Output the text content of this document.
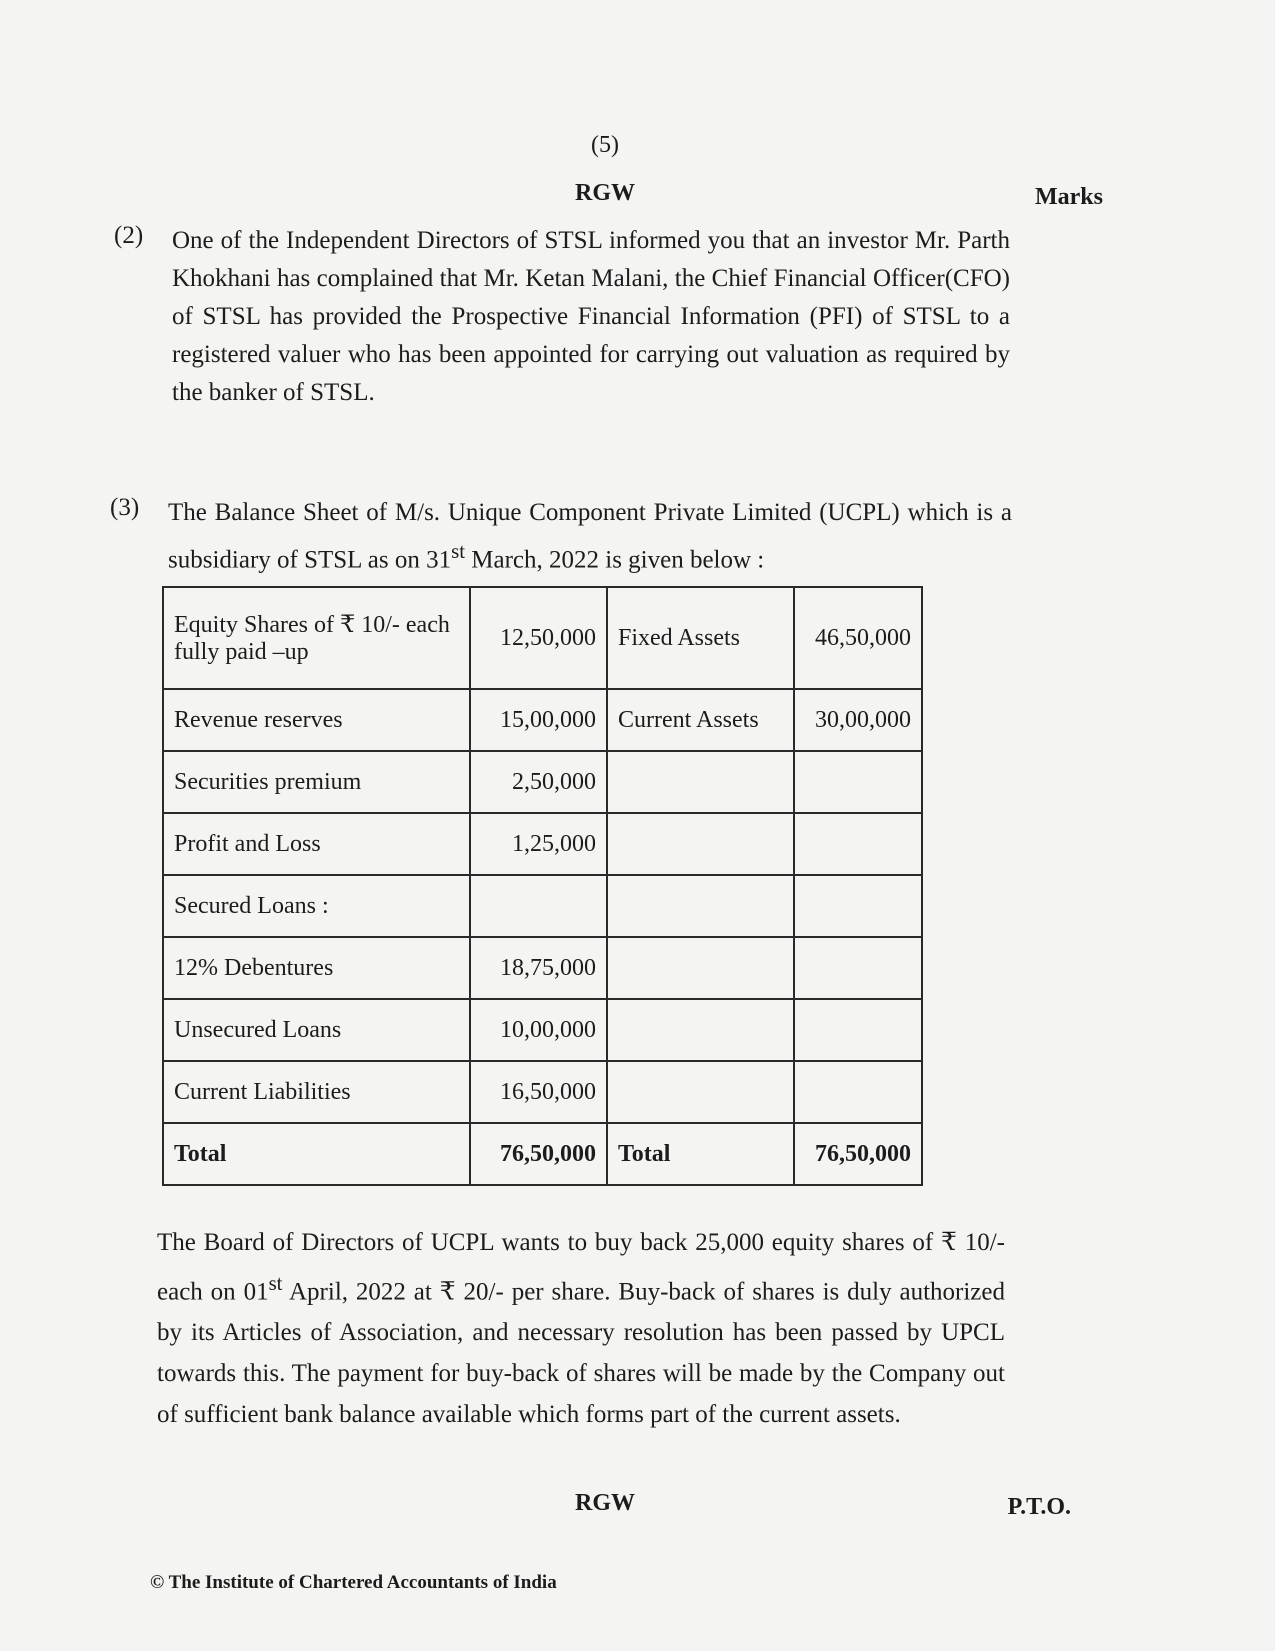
(5)
RGW	Marks
(2) One of the Independent Directors of STSL informed you that an investor Mr. Parth Khokhani has complained that Mr. Ketan Malani, the Chief Financial Officer(CFO) of STSL has provided the Prospective Financial Information (PFI) of STSL to a registered valuer who has been appointed for carrying out valuation as required by the banker of STSL.
(3) The Balance Sheet of M/s. Unique Component Private Limited (UCPL) which is a subsidiary of STSL as on 31st March, 2022 is given below :
Equity Shares of ₹ 10/- each fully paid –up	12,50,000	Fixed Assets	46,50,000
Revenue reserves	15,00,000	Current Assets	30,00,000
Securities premium	2,50,000		
Profit and Loss	1,25,000		
Secured Loans :			
12% Debentures	18,75,000		
Unsecured Loans	10,00,000		
Current Liabilities	16,50,000		
Total	76,50,000	Total	76,50,000
The Board of Directors of UCPL wants to buy back 25,000 equity shares of ₹ 10/- each on 01st April, 2022 at ₹ 20/- per share. Buy-back of shares is duly authorized by its Articles of Association, and necessary resolution has been passed by UPCL towards this. The payment for buy-back of shares will be made by the Company out of sufficient bank balance available which forms part of the current assets.
RGW	P.T.O.
© The Institute of Chartered Accountants of India
